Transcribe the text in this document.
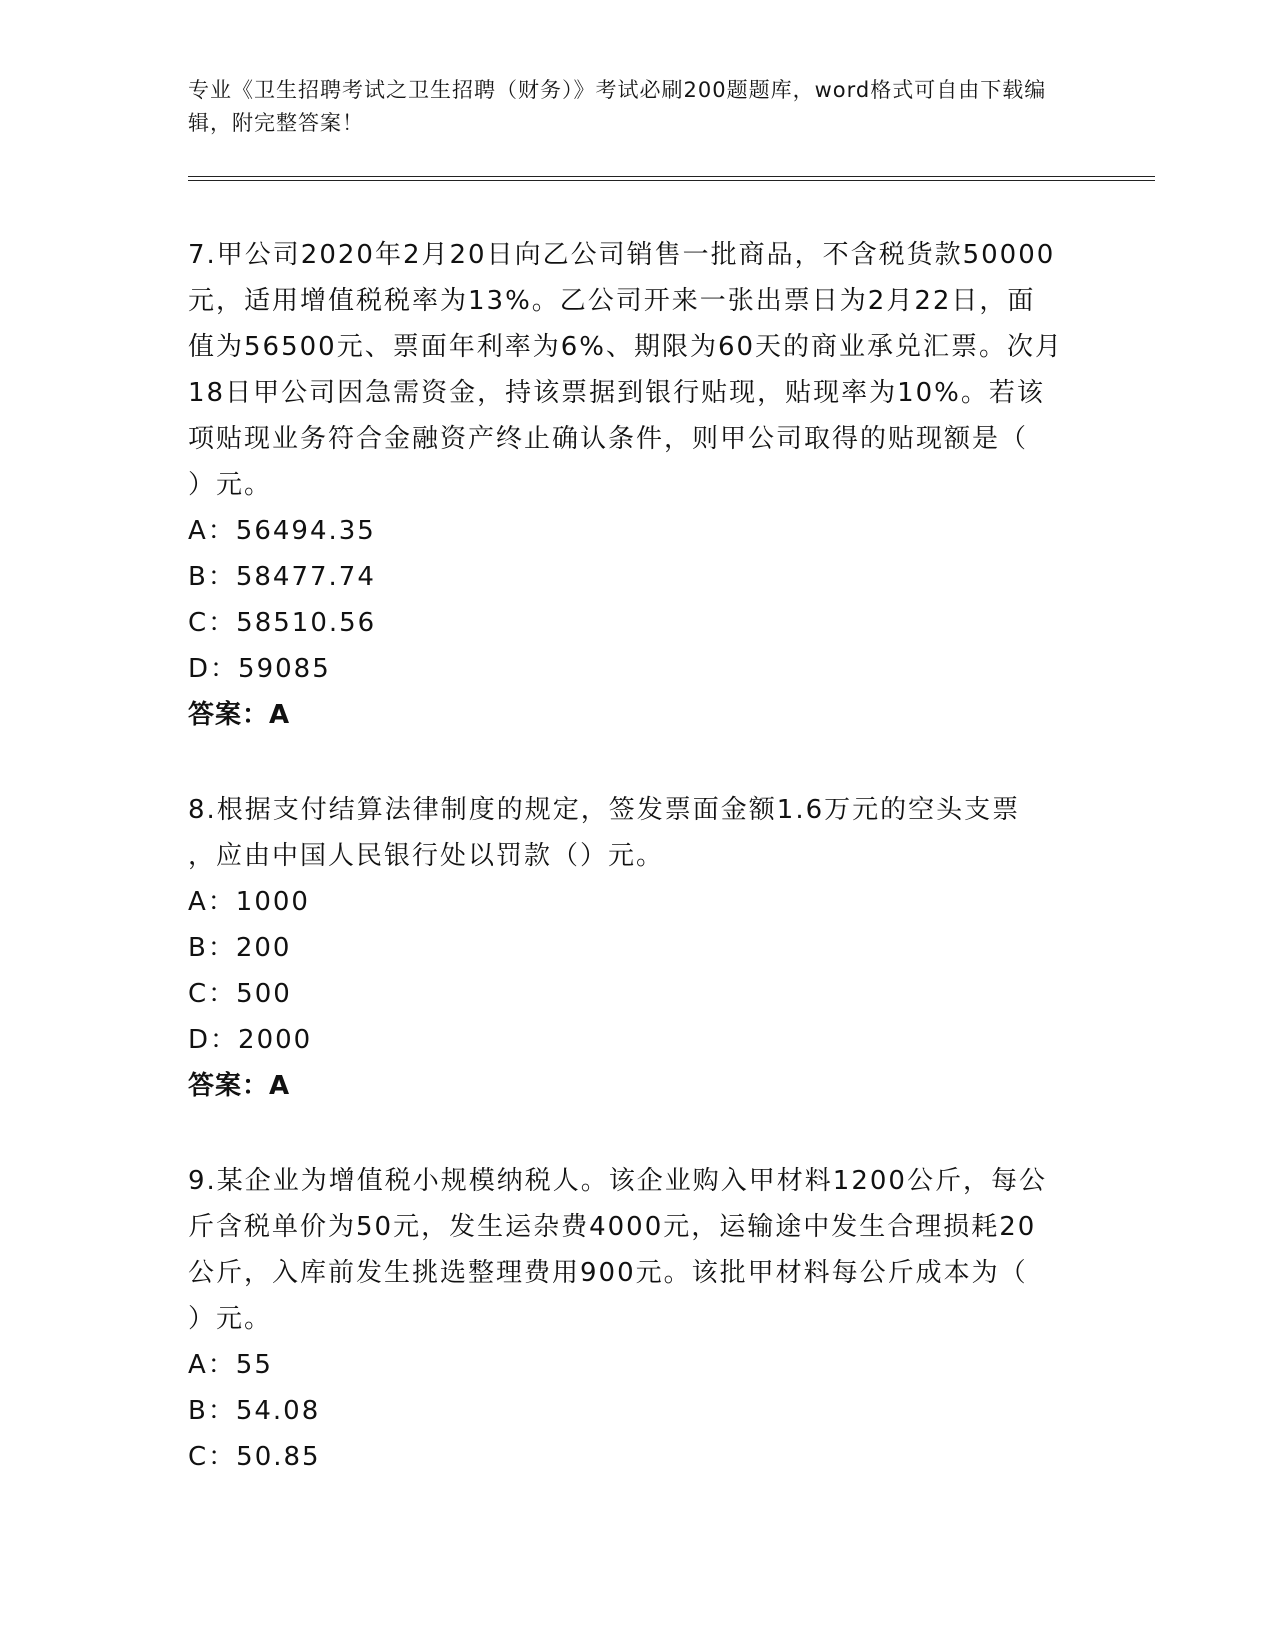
专业《卫生招聘考试之卫生招聘（财务）》考试必刷200题题库，word格式可自由下载编辑，附完整答案！

7.甲公司2020年2月20日向乙公司销售一批商品，不含税货款50000
元，适用增值税税率为13%。乙公司开来一张出票日为2月22日，面
值为56500元、票面年利率为6%、期限为60天的商业承兑汇票。次月
18日甲公司因急需资金，持该票据到银行贴现，贴现率为10%。若该
项贴现业务符合金融资产终止确认条件，则甲公司取得的贴现额是（
）元。

A：56494.35
B：58477.74
C：58510.56
D：59085
答案：A

8.根据支付结算法律制度的规定，签发票面金额1.6万元的空头支票
，应由中国人民银行处以罚款（）元。

A：1000
B：200
C：500
D：2000
答案：A

9.某企业为增值税小规模纳税人。该企业购入甲材料1200公斤，每公
斤含税单价为50元，发生运杂费4000元，运输途中发生合理损耗20
公斤，入库前发生挑选整理费用900元。该批甲材料每公斤成本为（
）元。

A：55
B：54.08
C：50.85
